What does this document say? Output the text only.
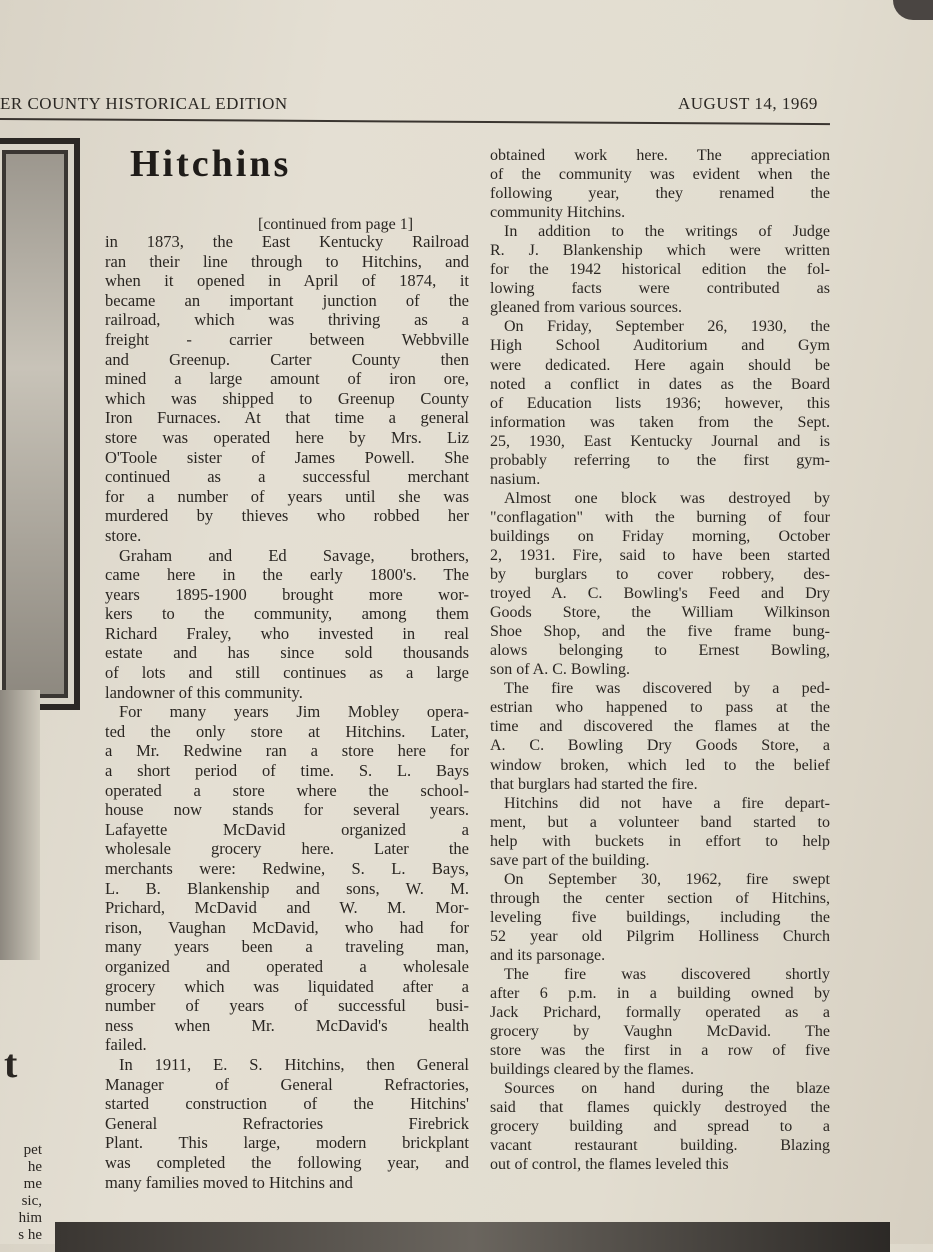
ER COUNTY HISTORICAL EDITION	AUGUST 14, 1969
t
pet
he
me
sic,
him
s he
Hitchins
[continued from page 1]
in 1873, the East Kentucky Railroad
ran their line through to Hitchins, and
when it opened in April of 1874, it
became an important junction of the
railroad, which was thriving as a
freight - carrier between Webbville
and Greenup. Carter County then
mined a large amount of iron ore,
which was shipped to Greenup County
Iron Furnaces. At that time a general
store was operated here by Mrs. Liz
O'Toole sister of James Powell. She
continued as a successful merchant
for a number of years until she was
murdered by thieves who robbed her
store.
Graham and Ed Savage, brothers,
came here in the early 1800's. The
years 1895-1900 brought more wor-
kers to the community, among them
Richard Fraley, who invested in real
estate and has since sold thousands
of lots and still continues as a large
landowner of this community.
For many years Jim Mobley opera-
ted the only store at Hitchins. Later,
a Mr. Redwine ran a store here for
a short period of time. S. L. Bays
operated a store where the school-
house now stands for several years.
Lafayette McDavid organized a
wholesale grocery here. Later the
merchants were: Redwine, S. L. Bays,
L. B. Blankenship and sons, W. M.
Prichard, McDavid and W. M. Mor-
rison, Vaughan McDavid, who had for
many years been a traveling man,
organized and operated a wholesale
grocery which was liquidated after a
number of years of successful busi-
ness when Mr. McDavid's health
failed.
In 1911, E. S. Hitchins, then General
Manager of General Refractories,
started construction of the Hitchins'
General Refractories Firebrick
Plant. This large, modern brickplant
was completed the following year, and
many families moved to Hitchins and
obtained work here. The appreciation
of the community was evident when the
following year, they renamed the
community Hitchins.
In addition to the writings of Judge
R. J. Blankenship which were written
for the 1942 historical edition the fol-
lowing facts were contributed as
gleaned from various sources.
On Friday, September 26, 1930, the
High School Auditorium and Gym
were dedicated. Here again should be
noted a conflict in dates as the Board
of Education lists 1936; however, this
information was taken from the Sept.
25, 1930, East Kentucky Journal and is
probably referring to the first gym-
nasium.
Almost one block was destroyed by
"conflagation" with the burning of four
buildings on Friday morning, October
2, 1931. Fire, said to have been started
by burglars to cover robbery, des-
troyed A. C. Bowling's Feed and Dry
Goods Store, the William Wilkinson
Shoe Shop, and the five frame bung-
alows belonging to Ernest Bowling,
son of A. C. Bowling.
The fire was discovered by a ped-
estrian who happened to pass at the
time and discovered the flames at the
A. C. Bowling Dry Goods Store, a
window broken, which led to the belief
that burglars had started the fire.
Hitchins did not have a fire depart-
ment, but a volunteer band started to
help with buckets in effort to help
save part of the building.
On September 30, 1962, fire swept
through the center section of Hitchins,
leveling five buildings, including the
52 year old Pilgrim Holliness Church
and its parsonage.
The fire was discovered shortly
after 6 p.m. in a building owned by
Jack Prichard, formally operated as a
grocery by Vaughn McDavid. The
store was the first in a row of five
buildings cleared by the flames.
Sources on hand during the blaze
said that flames quickly destroyed the
grocery building and spread to a
vacant restaurant building. Blazing
out of control, the flames leveled this
